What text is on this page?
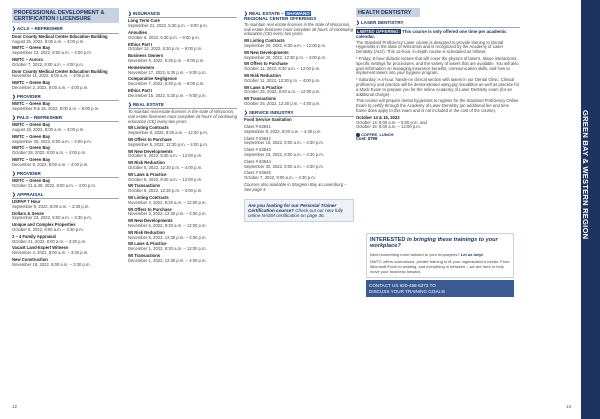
PROFESSIONAL DEVELOPMENT & CERTIFICATION / LICENSURE
❯ACLS – REFRESHER
Door County Medical Center Education Building
August 26, 2022, 8:00 a.m. – 4:00 p.m.
NWTC – Green Bay
September 23, 2022, 8:00 a.m. – 4:00 p.m.
NWTC – Aurora
October 7, 2022, 8:00 a.m. – 4:00 p.m.
Door County Medical Center Education Building
November 11, 2022, 8:00 a.m. – 4:00 p.m.
NWTC – Green Bay
December 2, 2022, 8:00 a.m. – 4:00 p.m.
❯PROVIDER
NWTC – Green Bay
September 9 & 16, 2022, 8:00 a.m. – 6:00 p.m.
❯PALS – REFRESHER
NWTC – Green Bay
August 19, 2022, 8:00 a.m. – 4:00 p.m.
NWTC – Green Bay
September 30, 2022, 8:00 a.m. – 4:00 p.m.
NWTC – Green Bay
October 28, 2022, 8:00 a.m. – 4:00 p.m.
NWTC – Green Bay
December 9, 2022, 8:00 a.m. – 4:00 p.m.
❯PROVIDER
NWTC – Green Bay
October 21 & 28, 2022, 8:00 a.m. – 4:00 p.m.
❯APPRAISAL
USPAP 7 Hour
September 9, 2022, 8:00 a.m. – 3:30 p.m.
Dollars & Sense
September 23, 2022, 8:00 a.m. – 3:30 p.m.
Unique and Complex Properties
October 8, 2022, 8:00 a.m. – 3:30 p.m.
2 – 4 Family Appraisal
October 21, 2022, 8:00 a.m. – 3:30 p.m.
Vacant Land-Expert Witness
November 4, 2022, 8:00 a.m. – 3:30 p.m.
New Construction
November 18, 2022, 8:00 a.m. – 3:30 p.m.
❯INSURANCE
Long Term Care
September 21, 2022, 5:30 p.m. – 9:00 p.m.
Annuities
October 6, 2022, 5:30 p.m. – 9:00 p.m.
Ethics Part I
October 12, 2022, 5:30 p.m. – 9:00 p.m.
Business Owners
November 9, 2022, 5:30 p.m. – 9:00 p.m.
Homeowners
November 17, 2022, 5:30 p.m. – 9:00 p.m.
Comparative Negligence
December 7, 2022, 5:30 p.m. – 9:00 p.m.
Ethics Part I
December 15, 2022, 5:30 p.m. – 9:00 p.m.
❯REAL ESTATE
To maintain real estate licenses in the state of Wisconsin, real estate licensees must complete 18 hours of continuing education (CE) every two years.
WI Listing Contracts
September 8, 2022, 8:30 a.m. – 12:00 p.m.
WI Offers to Purchase
September 8, 2022, 12:30 p.m. – 4:00 p.m.
WI New Developments
October 6, 2022, 8:30 a.m. – 12:00 p.m.
WI Risk Reduction
October 6, 2022, 12:30 p.m. – 4:00 p.m.
WI Laws & Practice
October 8, 2022, 8:30 a.m. – 12:00 p.m.
WI Transactions
October 8, 2022, 12:30 p.m. – 4:00 p.m.
WI Listing Contracts
November 3, 2022, 8:30 a.m. – 12:00 p.m.
WI Offers to Purchase
November 3, 2022, 12:30 p.m. – 4:00 p.m.
WI New Developments
November 5, 2022, 8:30 a.m. – 12:00 p.m.
WI Risk Reduction
November 5, 2022, 12:30 p.m. – 4:00 p.m.
WI Laws & Practice
December 1, 2022, 8:30 a.m. – 12:00 p.m.
WI Transactions
December 1, 2022, 12:30 p.m. – 4:00 p.m.
❯REAL ESTATE – SHAWANO
REGIONAL CENTER OFFERINGS
To maintain real estate licenses in the state of Wisconsin, real estate licensees must complete 18 hours of continuing education (CE) every two years.
WI Listing Contracts
September 20, 2022, 8:30 a.m. – 12:00 p.m.
WI New Developments
September 20, 2022, 12:30 p.m. – 4:00 p.m.
WI Offers to Purchase
October 11, 2022, 8:30 a.m. – 12:00 p.m.
WI Risk Reduction
October 11, 2022, 12:30 p.m. – 4:00 p.m.
WI Laws & Practice
October 25, 2022, 8:30 a.m. – 12:00 p.m.
WI Transactions
October 25, 2022, 12:30 p.m. – 4:00 p.m.
❯SERVICE INDUSTRY
Food Service Sanitation
Class # 83641
September 9, 2022, 8:00 a.m. – 4:30 p.m.
Class # 83642
September 16, 2022, 8:00 a.m. – 4:30 p.m.
Class # 83643
September 23, 2022, 8:00 a.m. – 4:30 p.m.
Class # 83644
September 30, 2022, 8:00 a.m. – 4:30 p.m.
Class # 83645
October 7, 2022, 9:00 a.m. – 4:30 p.m.
Courses also available in Sturgeon Bay & Luxemburg – See page 4
Are you looking for our Personal Trainer Certification course? Check out our new fully online NASM certification on page 36.
HEALTH DENTISTRY
❯LASER DENTISTRY
LIMITED OFFERING: This course is only offered one time per academic calendar.
The Standard Proficiency Laser course is designed to provide training to Dental Hygienists in the state of Wisconsin and is recognized by the Academy of Laser Dentistry (ALD). This 12-hour, in-depth course is scheduled as follows:
* Friday: 8-hour didactic lecture that will cover the physics of laser's, tissue interactions, specific settings for procedures, and the variety of lasers that are available. You will also gain information on managing insurance benefits, communication skills, and how to implement lasers into your hygiene program.
* Saturday: A 4-hour, hands-on clinical section with lasers in our Dental Clinic. Clinical proficiency and practice will be demonstrated using pig mandibles as well as practice for a Mock Exam to prepare you for the online Academy of Laser Dentistry exam (for an additional charge).
This course will prepare dental hygienists to register for the Standard Proficiency Online Exam to certify through the Academy of Laser Dentistry (an additional fee and time frame does apply to this exam and is not included in the cost of the course).
October 14 & 15, 2022
October 14: 8:00 a.m. – 5:00 p.m. and
October 15: 8:00 a.m. – 12:00 p.m.
COFFEE, LUNCH
Cost: $799
INTERESTED in bringing these trainings to your workplace?
Need something more tailored to your employees? Let us help!
NWTC offers customized, private training to fit your organization's needs. From Microsoft Excel to welding, and everything in between – we are here to help move your business forward.
CONTACT US 920-498-6373 TO
DISCUSS YOUR TRAINING GOALS!
GREEN BAY & WESTERN REGION
12	13
